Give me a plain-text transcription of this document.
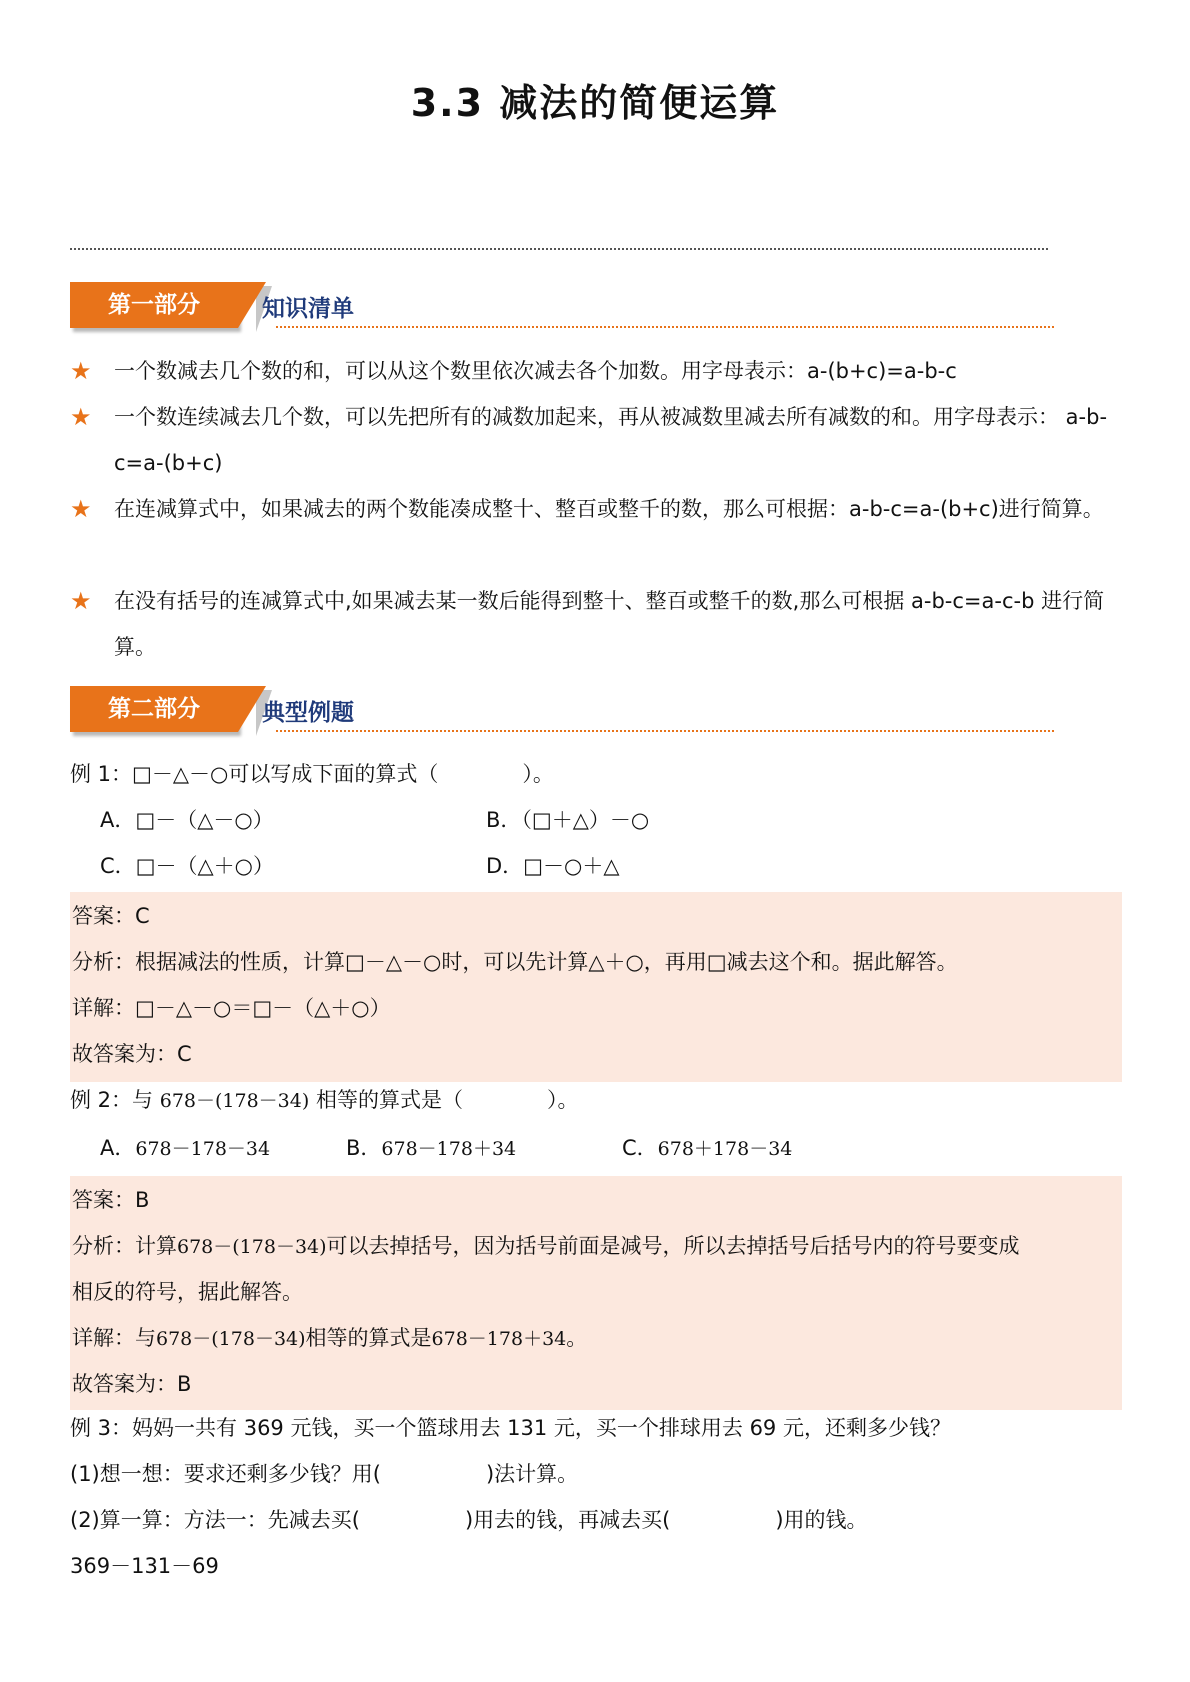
3.3 减法的简便运算
第一部分	知识清单
★ 一个数减去几个数的和，可以从这个数里依次减去各个加数。用字母表示：a-(b+c)=a-b-c
★ 一个数连续减去几个数，可以先把所有的减数加起来，再从被减数里减去所有减数的和。用字母表示： a-b-c=a-(b+c)
★ 在连减算式中，如果减去的两个数能凑成整十、整百或整千的数，那么可根据：a-b-c=a-(b+c)进行简算。
★ 在没有括号的连减算式中,如果减去某一数后能得到整十、整百或整千的数,那么可根据 a-b-c=a-c-b 进行简算。
第二部分	典型例题
例 1：□－△－○可以写成下面的算式（　　　　）。
A．□－（△－○）	B．（□＋△）－○
C．□－（△＋○）	D．□－○＋△
答案：C
分析：根据减法的性质，计算□－△－○时，可以先计算△＋○，再用□减去这个和。据此解答。
详解：□－△－○＝□－（△＋○）
故答案为：C
例 2：与 678－(178－34) 相等的算式是（　　　　）。
A．678－178－34	B．678－178＋34	C．678＋178－34
答案：B
分析：计算678－(178－34)可以去掉括号，因为括号前面是减号，所以去掉括号后括号内的符号要变成
相反的符号，据此解答。
详解：与678－(178－34)相等的算式是678－178＋34。
故答案为：B
例 3：妈妈一共有 369 元钱，买一个篮球用去 131 元，买一个排球用去 69 元，还剩多少钱？
(1)想一想：要求还剩多少钱？用(　　　　　)法计算。
(2)算一算：方法一：先减去买(　　　　　)用去的钱，再减去买(　　　　　)用的钱。
369－131－69
